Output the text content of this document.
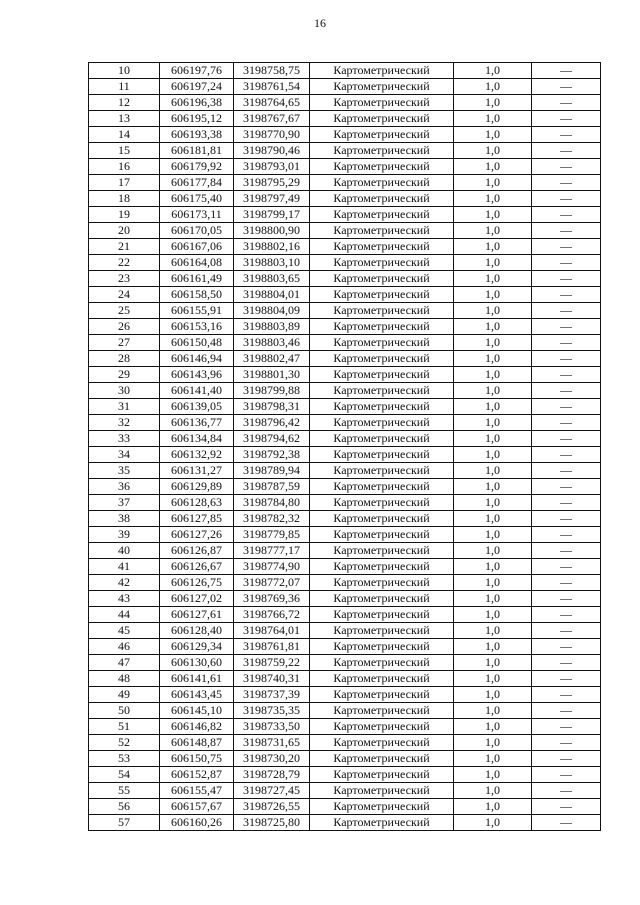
16
10	606197,76	3198758,75	Картометрический	1,0	—
11	606197,24	3198761,54	Картометрический	1,0	—
12	606196,38	3198764,65	Картометрический	1,0	—
13	606195,12	3198767,67	Картометрический	1,0	—
14	606193,38	3198770,90	Картометрический	1,0	—
15	606181,81	3198790,46	Картометрический	1,0	—
16	606179,92	3198793,01	Картометрический	1,0	—
17	606177,84	3198795,29	Картометрический	1,0	—
18	606175,40	3198797,49	Картометрический	1,0	—
19	606173,11	3198799,17	Картометрический	1,0	—
20	606170,05	3198800,90	Картометрический	1,0	—
21	606167,06	3198802,16	Картометрический	1,0	—
22	606164,08	3198803,10	Картометрический	1,0	—
23	606161,49	3198803,65	Картометрический	1,0	—
24	606158,50	3198804,01	Картометрический	1,0	—
25	606155,91	3198804,09	Картометрический	1,0	—
26	606153,16	3198803,89	Картометрический	1,0	—
27	606150,48	3198803,46	Картометрический	1,0	—
28	606146,94	3198802,47	Картометрический	1,0	—
29	606143,96	3198801,30	Картометрический	1,0	—
30	606141,40	3198799,88	Картометрический	1,0	—
31	606139,05	3198798,31	Картометрический	1,0	—
32	606136,77	3198796,42	Картометрический	1,0	—
33	606134,84	3198794,62	Картометрический	1,0	—
34	606132,92	3198792,38	Картометрический	1,0	—
35	606131,27	3198789,94	Картометрический	1,0	—
36	606129,89	3198787,59	Картометрический	1,0	—
37	606128,63	3198784,80	Картометрический	1,0	—
38	606127,85	3198782,32	Картометрический	1,0	—
39	606127,26	3198779,85	Картометрический	1,0	—
40	606126,87	3198777,17	Картометрический	1,0	—
41	606126,67	3198774,90	Картометрический	1,0	—
42	606126,75	3198772,07	Картометрический	1,0	—
43	606127,02	3198769,36	Картометрический	1,0	—
44	606127,61	3198766,72	Картометрический	1,0	—
45	606128,40	3198764,01	Картометрический	1,0	—
46	606129,34	3198761,81	Картометрический	1,0	—
47	606130,60	3198759,22	Картометрический	1,0	—
48	606141,61	3198740,31	Картометрический	1,0	—
49	606143,45	3198737,39	Картометрический	1,0	—
50	606145,10	3198735,35	Картометрический	1,0	—
51	606146,82	3198733,50	Картометрический	1,0	—
52	606148,87	3198731,65	Картометрический	1,0	—
53	606150,75	3198730,20	Картометрический	1,0	—
54	606152,87	3198728,79	Картометрический	1,0	—
55	606155,47	3198727,45	Картометрический	1,0	—
56	606157,67	3198726,55	Картометрический	1,0	—
57	606160,26	3198725,80	Картометрический	1,0	—
